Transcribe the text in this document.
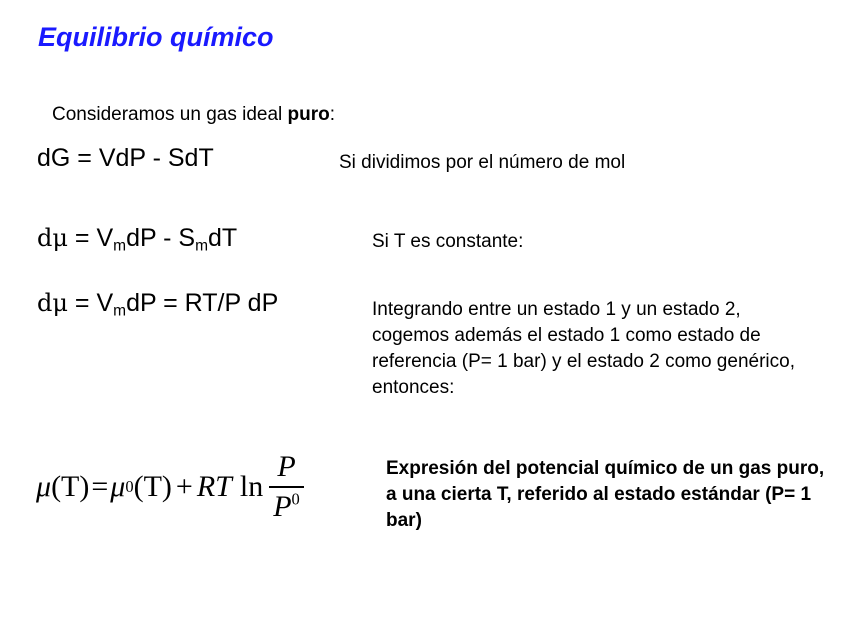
Equilibrio químico
Consideramos un gas ideal puro:
dG = VdP - SdT	Si dividimos por el número de mol
$d\mu = V_mdP - S_mdT$	Si T es constante:
$d\mu = V_mdP = RT/P$ dP	Integrando entre un estado 1 y un estado 2, cogemos además el estado 1 como estado de referencia (P= 1 bar) y el estado 2 como genérico, entonces:
μ (T) = μ 0 (T) + RT $\ln \frac{P}{P^0}$	Expresión del potencial químico de un gas puro, a una cierta T, referido al estado estándar (P= 1 bar)
